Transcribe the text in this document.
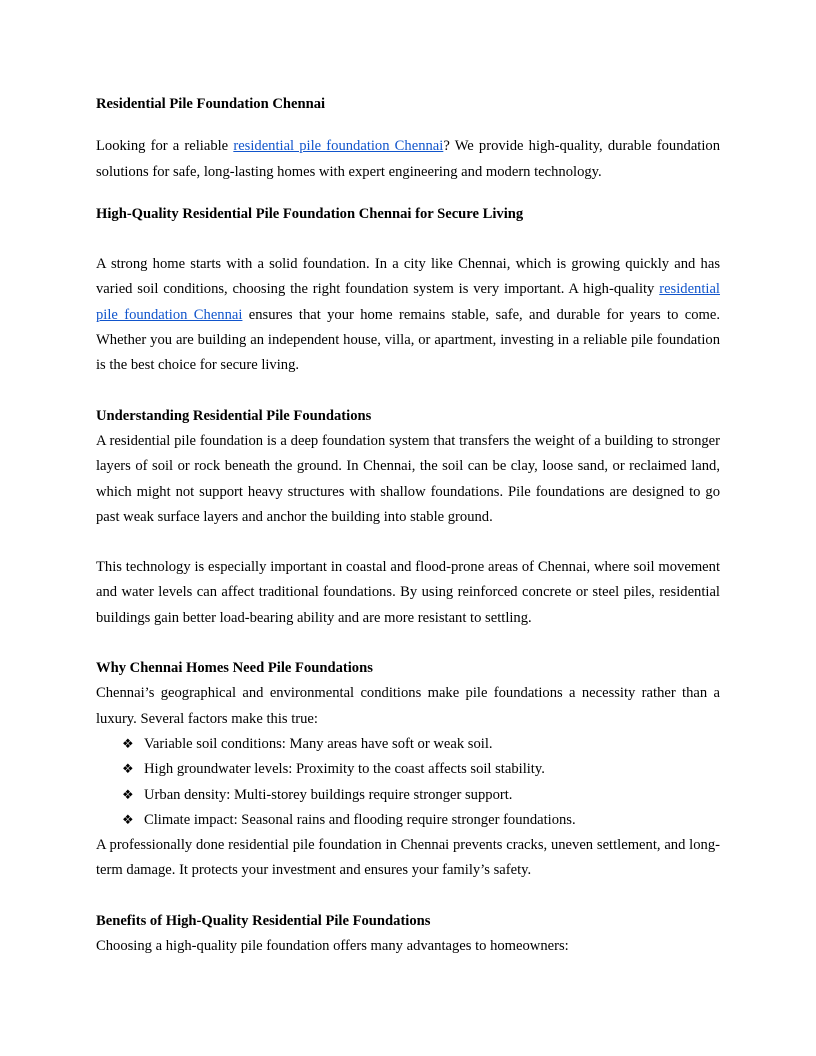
Residential Pile Foundation Chennai

Looking for a reliable residential pile foundation Chennai? We provide high-quality, durable foundation solutions for safe, long-lasting homes with expert engineering and modern technology.

High-Quality Residential Pile Foundation Chennai for Secure Living

A strong home starts with a solid foundation. In a city like Chennai, which is growing quickly and has varied soil conditions, choosing the right foundation system is very important. A high-quality residential pile foundation Chennai ensures that your home remains stable, safe, and durable for years to come. Whether you are building an independent house, villa, or apartment, investing in a reliable pile foundation is the best choice for secure living.

Understanding Residential Pile Foundations

A residential pile foundation is a deep foundation system that transfers the weight of a building to stronger layers of soil or rock beneath the ground. In Chennai, the soil can be clay, loose sand, or reclaimed land, which might not support heavy structures with shallow foundations. Pile foundations are designed to go past weak surface layers and anchor the building into stable ground.

This technology is especially important in coastal and flood-prone areas of Chennai, where soil movement and water levels can affect traditional foundations. By using reinforced concrete or steel piles, residential buildings gain better load-bearing ability and are more resistant to settling.

Why Chennai Homes Need Pile Foundations

Chennai’s geographical and environmental conditions make pile foundations a necessity rather than a luxury. Several factors make this true:

❖ Variable soil conditions: Many areas have soft or weak soil.
❖ High groundwater levels: Proximity to the coast affects soil stability.
❖ Urban density: Multi-storey buildings require stronger support.
❖ Climate impact: Seasonal rains and flooding require stronger foundations.

A professionally done residential pile foundation in Chennai prevents cracks, uneven settlement, and long-term damage. It protects your investment and ensures your family’s safety.

Benefits of High-Quality Residential Pile Foundations

Choosing a high-quality pile foundation offers many advantages to homeowners:
